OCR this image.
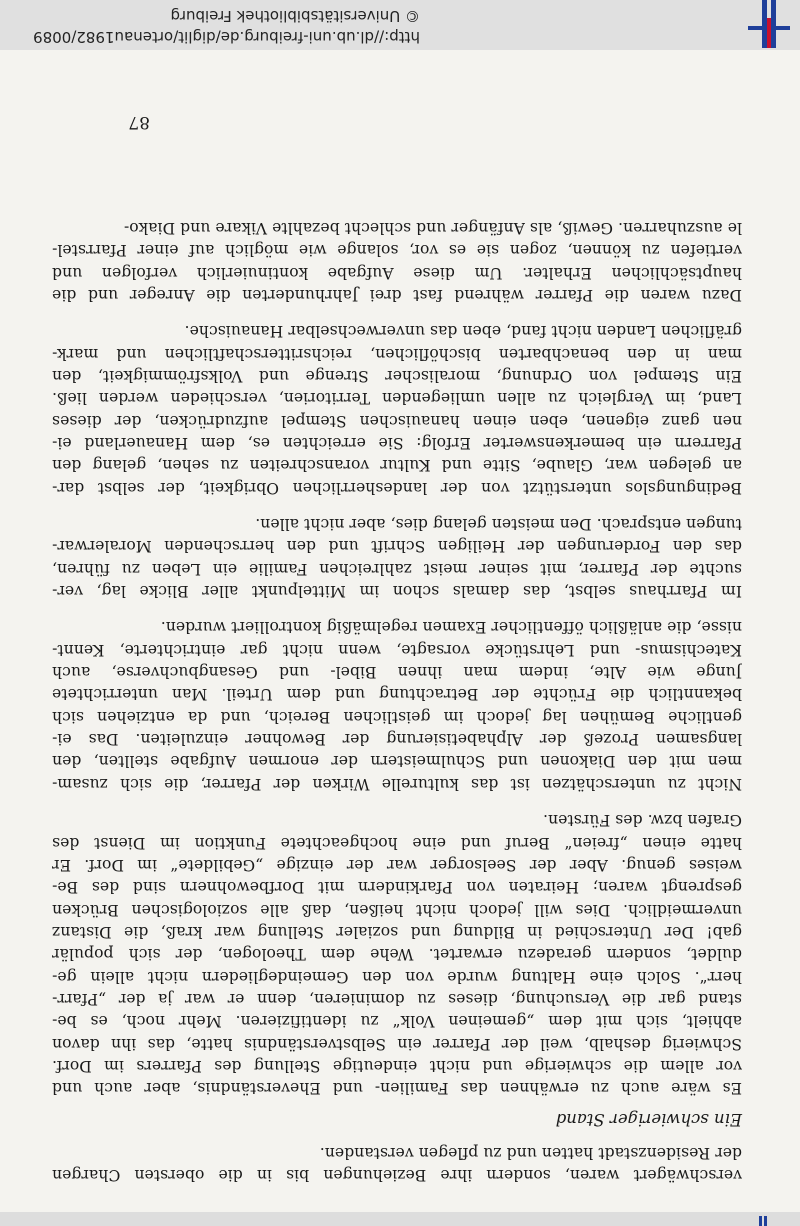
verschwägert waren, sondern ihre Beziehungen bis in die obersten Chargen
der Residenzstadt hatten und zu pflegen verstanden.
Ein schwieriger Stand
Es wäre auch zu erwähnen das Familien- und Eheverständnis, aber auch und
vor allem die schwierige und nicht eindeutige Stellung des Pfarrers im Dorf.
Schwierig deshalb, weil der Pfarrer ein Selbstverständnis hatte, das ihn davon
abhielt, sich mit dem „gemeinen Volk“ zu identifizieren. Mehr noch, es be-
stand gar die Versuchung, dieses zu dominieren, denn er war ja der „Pfarr-
herr“. Solch eine Haltung wurde von den Gemeindegliedern nicht allein ge-
duldet, sondern geradezu erwartet. Wehe dem Theologen, der sich populär
gab! Der Unterschied in Bildung und sozialer Stellung war kraß, die Distanz
unvermeidlich. Dies will jedoch nicht heißen, daß alle soziologischen Brücken
gesprengt waren; Heiraten von Pfarkindern mit Dorfbewohnern sind des Be-
weises genug. Aber der Seelsorger war der einzige „Gebildete“ im Dorf. Er
hatte einen „freien“ Beruf und eine hochgeachtete Funktion im Dienst des
Grafen bzw. des Fürsten.
Nicht zu unterschätzen ist das kulturelle Wirken der Pfarrer, die sich zusam-
men mit den Diakonen und Schulmeistern der enormen Aufgabe stellten, den
langsamen Prozeß der Alphabetisierung der Bewohner einzuleiten. Das ei-
gentliche Bemühen lag jedoch im geistlichen Bereich, und da entziehen sich
bekanntlich die Früchte der Betrachtung und dem Urteil. Man unterrichtete
Junge wie Alte, indem man ihnen Bibel- und Gesangbuchverse, auch
Katechismus- und Lehrstücke vorsagte, wenn nicht gar eintrichterte, Kennt-
nisse, die anläßlich öffentlicher Examen regelmäßig kontrolliert wurden.
Im Pfarrhaus selbst, das damals schon im Mittelpunkt aller Blicke lag, ver-
suchte der Pfarrer, mit seiner meist zahlreichen Familie ein Leben zu führen,
das den Forderungen der Heiligen Schrift und den herrschenden Moralerwar-
tungen entsprach. Den meisten gelang dies, aber nicht allen.
Bedingungslos unterstützt von der landesherrlichen Obrigkeit, der selbst dar-
an gelegen war, Glaube, Sitte und Kultur voranschreiten zu sehen, gelang den
Pfarrern ein bemerkenswerter Erfolg: Sie erreichten es, dem Hanauerland ei-
nen ganz eigenen, eben einen hanauischen Stempel aufzudrücken, der dieses
Land, im Vergleich zu allen umliegenden Territorien, verschieden werden ließ.
Ein Stempel von Ordnung, moralischer Strenge und Volksfrömmigkeit, den
man in den benachbarten bischöflichen, reichsritterschaftlichen und mark-
gräflichen Landen nicht fand, eben das unverwechselbar Hanauische.
Dazu waren die Pfarrer während fast drei Jahrhunderten die Anreger und die
hauptsächlichen Erhalter. Um diese Aufgabe kontinuierlich verfolgen und
vertiefen zu können, zogen sie es vor, solange wie möglich auf einer Pfarrstel-
le auszuharren. Gewiß, als Anfänger und schlecht bezahlte Vikare und Diako-
87
http://dl.ub.uni-freiburg.de/diglit/ortenau1982/0089
© Universitätsbibliothek Freiburg
